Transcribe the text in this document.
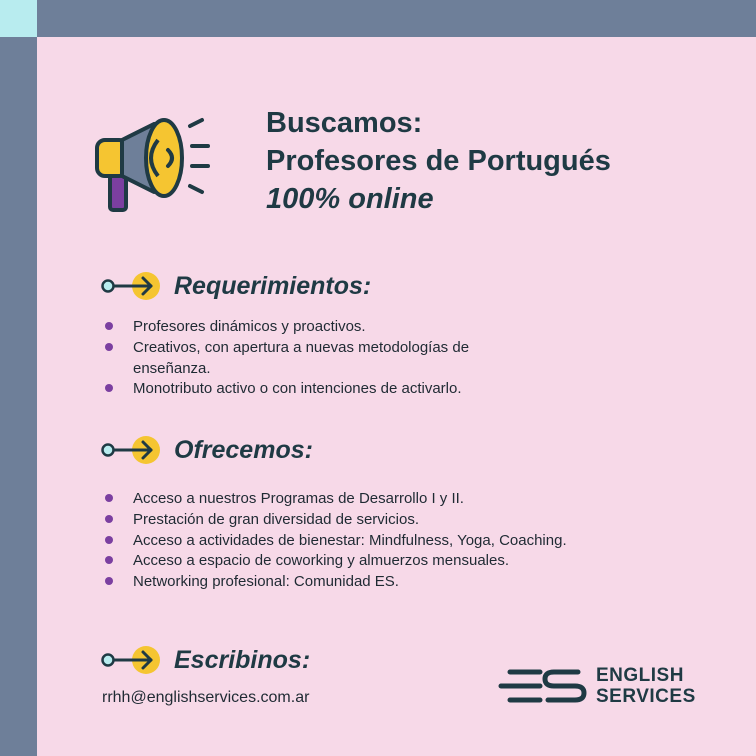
Buscamos:
Profesores de Portugués
100% online
Requerimientos:
Profesores dinámicos y proactivos.
Creativos, con apertura a nuevas metodologías de
enseñanza.
Monotributo activo o con intenciones de activarlo.
Ofrecemos:
Acceso a nuestros Programas de Desarrollo I y II.
Prestación de gran diversidad de servicios.
Acceso a actividades de bienestar: Mindfulness, Yoga, Coaching.
Acceso a espacio de coworking y almuerzos mensuales.
Networking profesional: Comunidad ES.
Escribinos:
rrhh@englishservices.com.ar
ENGLISH
SERVICES
